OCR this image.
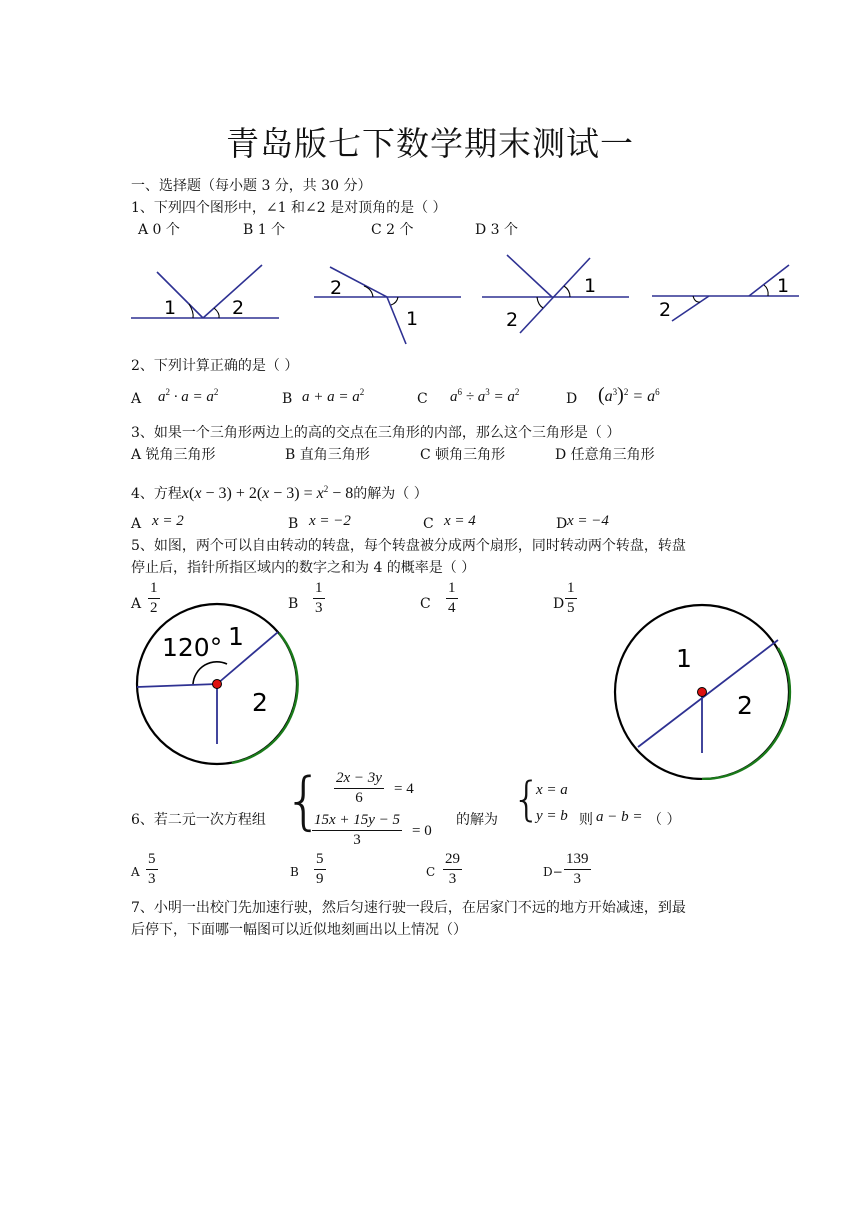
青岛版七下数学期末测试一
一、选择题（每小题 3 分，共 30 分）
1、下列四个图形中，∠1 和∠2 是对顶角的是（ ）
A 0 个	B 1 个	C 2 个	D 3 个
1	2
2
1
1
2
1
2
2、下列计算正确的是（ ）
A $a^2 \cdot a = a^2$	B $a + a = a^2$	C $a^6 \div a^3 = a^2$	D $(a^3)^2 = a^6$
3、如果一个三角形两边上的高的交点在三角形的内部，那么这个三角形是（ ）
A 锐角三角形	B 直角三角形	C 顿角三角形	D 任意角三角形
4、方程$x(x - 3) + 2(x - 3) = x^2 - 8$的解为（ ）
A x = 2	B x = −2	C x = 4	D x = −4
5、如图，两个可以自由转动的转盘，每个转盘被分成两个扇形，同时转动两个转盘，转盘
停止后，指针所指区域内的数字之和为 4 的概率是（ ）
A $\frac{1}{2}$	B $\frac{1}{3}$	C $\frac{1}{4}$	D $\frac{1}{5}$
120° 1
2
1
2
{ $\frac{2x - 3y}{6} = 4$
$\frac{15x + 15y - 5}{3} = 0$
6、若二元一次方程组	的解为 {
x = a
y = b 则 a − b = （ ）
A $\frac{5}{3}$	B $\frac{5}{9}$	C $\frac{29}{3}$	$D- \frac{139}{3}$
7、小明一出校门先加速行驶，然后匀速行驶一段后，在居家门不远的地方开始减速，到最
后停下，下面哪一幅图可以近似地刻画出以上情况（）
